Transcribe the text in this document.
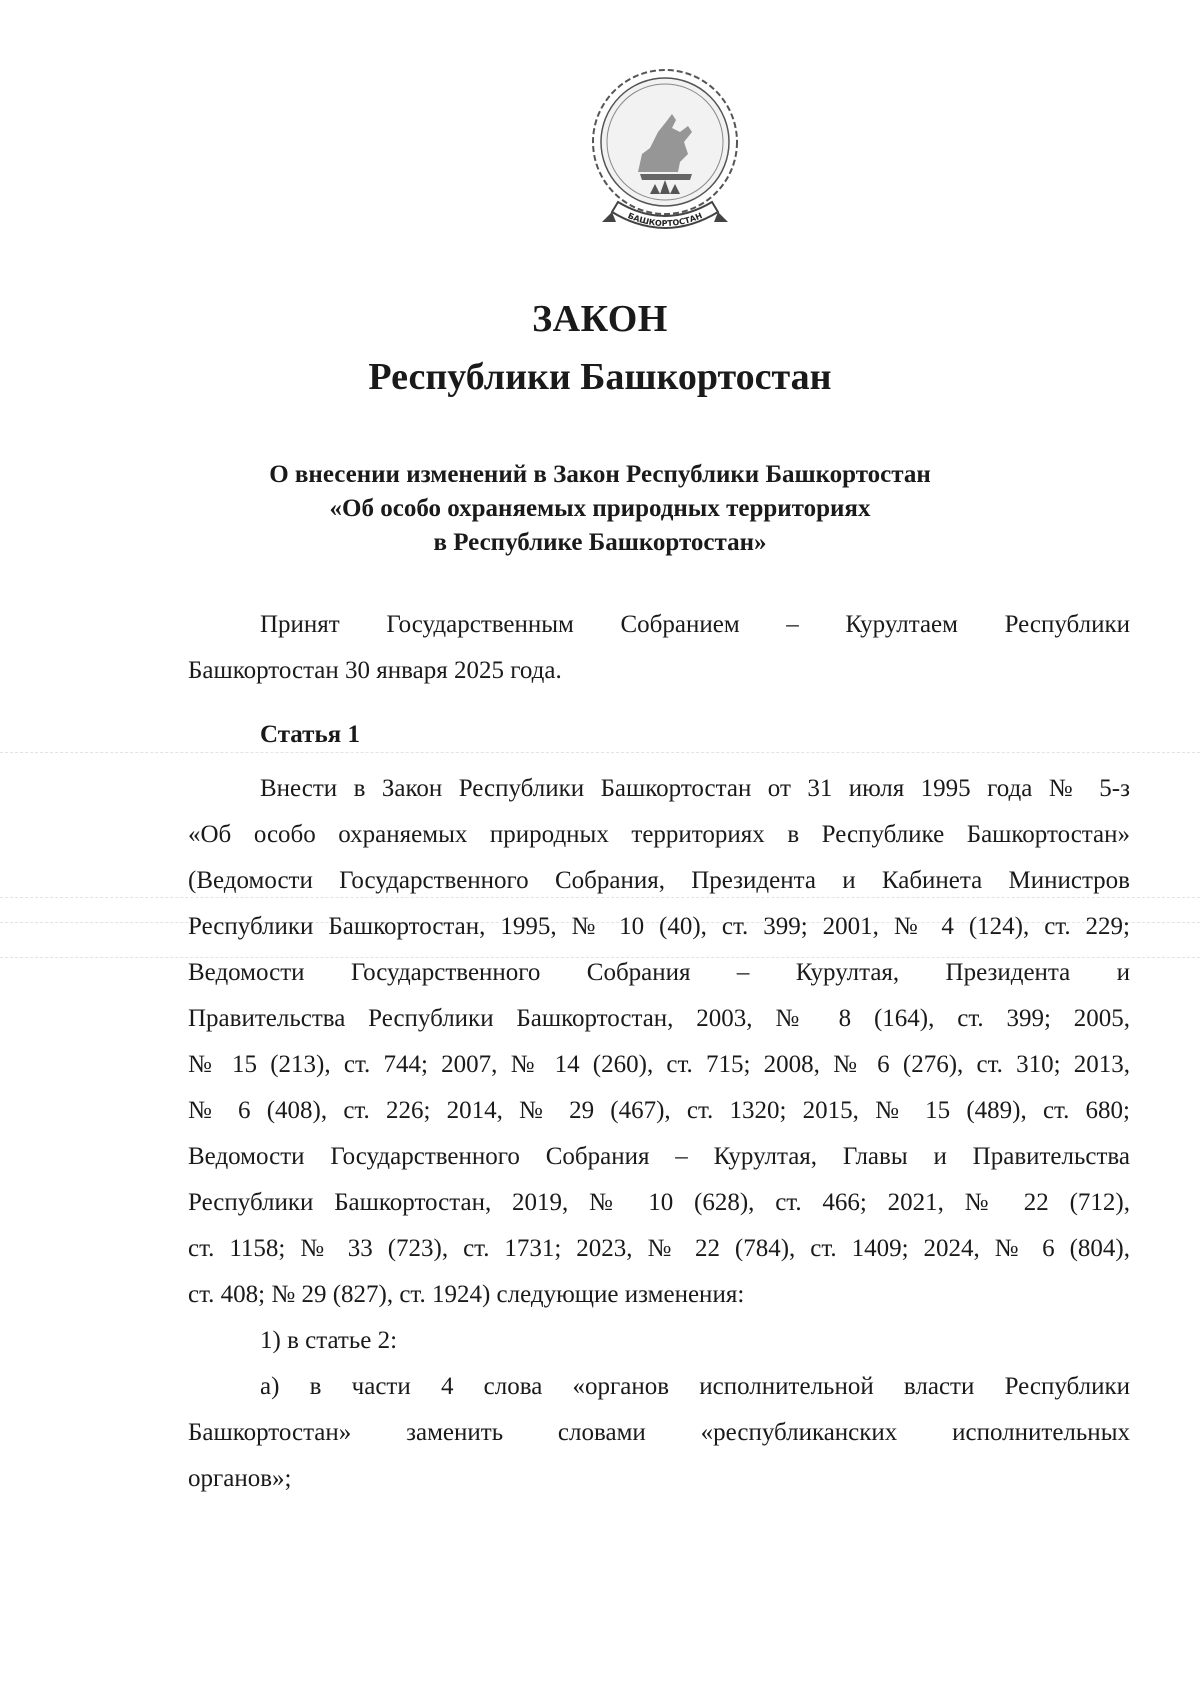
БАШКОРТОСТАН
ЗАКОН
Республики Башкортостан
О внесении изменений в Закон Республики Башкортостан
«Об особо охраняемых природных территориях
в Республике Башкортостан»
Принят Государственным Собранием – Курултаем Республики
Башкортостан 30 января 2025 года.
Статья 1
Внести в Закон Республики Башкортостан от 31 июля 1995 года № 5-з
«Об особо охраняемых природных территориях в Республике Башкортостан»
(Ведомости Государственного Собрания, Президента и Кабинета Министров
Республики Башкортостан, 1995, № 10 (40), ст. 399; 2001, № 4 (124), ст. 229;
Ведомости Государственного Собрания – Курултая, Президента и
Правительства Республики Башкортостан, 2003, № 8 (164), ст. 399; 2005,
№ 15 (213), ст. 744; 2007, № 14 (260), ст. 715; 2008, № 6 (276), ст. 310; 2013,
№ 6 (408), ст. 226; 2014, № 29 (467), ст. 1320; 2015, № 15 (489), ст. 680;
Ведомости Государственного Собрания – Курултая, Главы и Правительства
Республики Башкортостан, 2019, № 10 (628), ст. 466; 2021, № 22 (712),
ст. 1158; № 33 (723), ст. 1731; 2023, № 22 (784), ст. 1409; 2024, № 6 (804),
ст. 408; № 29 (827), ст. 1924) следующие изменения:
1) в статье 2:
а) в части 4 слова «органов исполнительной власти Республики
Башкортостан» заменить словами «республиканских исполнительных
органов»;
